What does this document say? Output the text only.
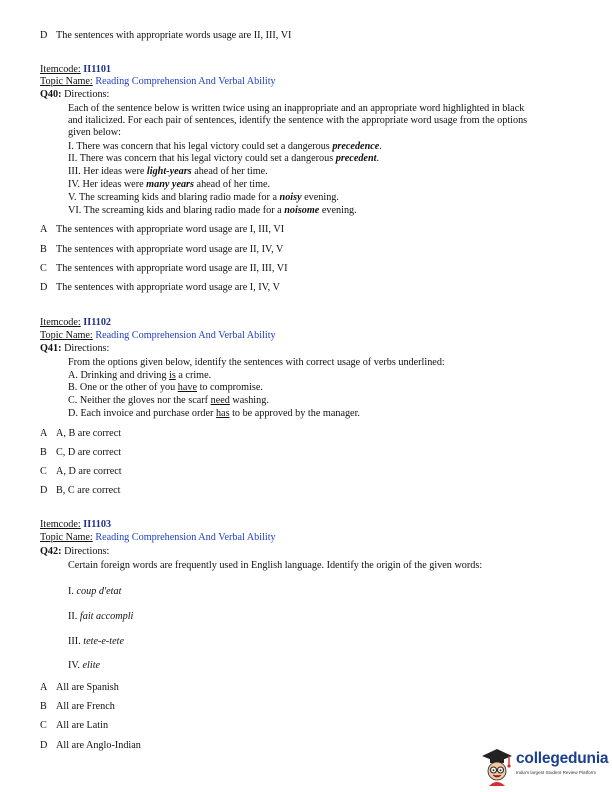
D The sentences with appropriate words usage are II, III, VI
Itemcode: II1101
Topic Name: Reading Comprehension And Verbal Ability
Q40: Directions:
Each of the sentence below is written twice using an inappropriate and an appropriate word highlighted in black
and italicized. For each pair of sentences, identify the sentence with the appropriate word usage from the options
given below:
I. There was concern that his legal victory could set a dangerous precedence.
II. There was concern that his legal victory could set a dangerous precedent.
III. Her ideas were light-years ahead of her time.
IV. Her ideas were many years ahead of her time.
V. The screaming kids and blaring radio made for a noisy evening.
VI. The screaming kids and blaring radio made for a noisome evening.
A The sentences with appropriate word usage are I, III, VI
B The sentences with appropriate word usage are II, IV, V
C The sentences with appropriate word usage are II, III, VI
D The sentences with appropriate word usage are I, IV, V
Itemcode: II1102
Topic Name: Reading Comprehension And Verbal Ability
Q41: Directions:
From the options given below, identify the sentences with correct usage of verbs underlined:
A. Drinking and driving is a crime.
B. One or the other of you have to compromise.
C. Neither the gloves nor the scarf need washing.
D. Each invoice and purchase order has to be approved by the manager.
A A, B are correct
B C, D are correct
C A, D are correct
D B, C are correct
Itemcode: II1103
Topic Name: Reading Comprehension And Verbal Ability
Q42: Directions:
Certain foreign words are frequently used in English language. Identify the origin of the given words:
I. coup d'etat
II. fait accompli
III. tete-e-tete
IV. elite
A All are Spanish
B All are French
C All are Latin
D All are Anglo-Indian
collegedunia
India's largest Student Review Platform
